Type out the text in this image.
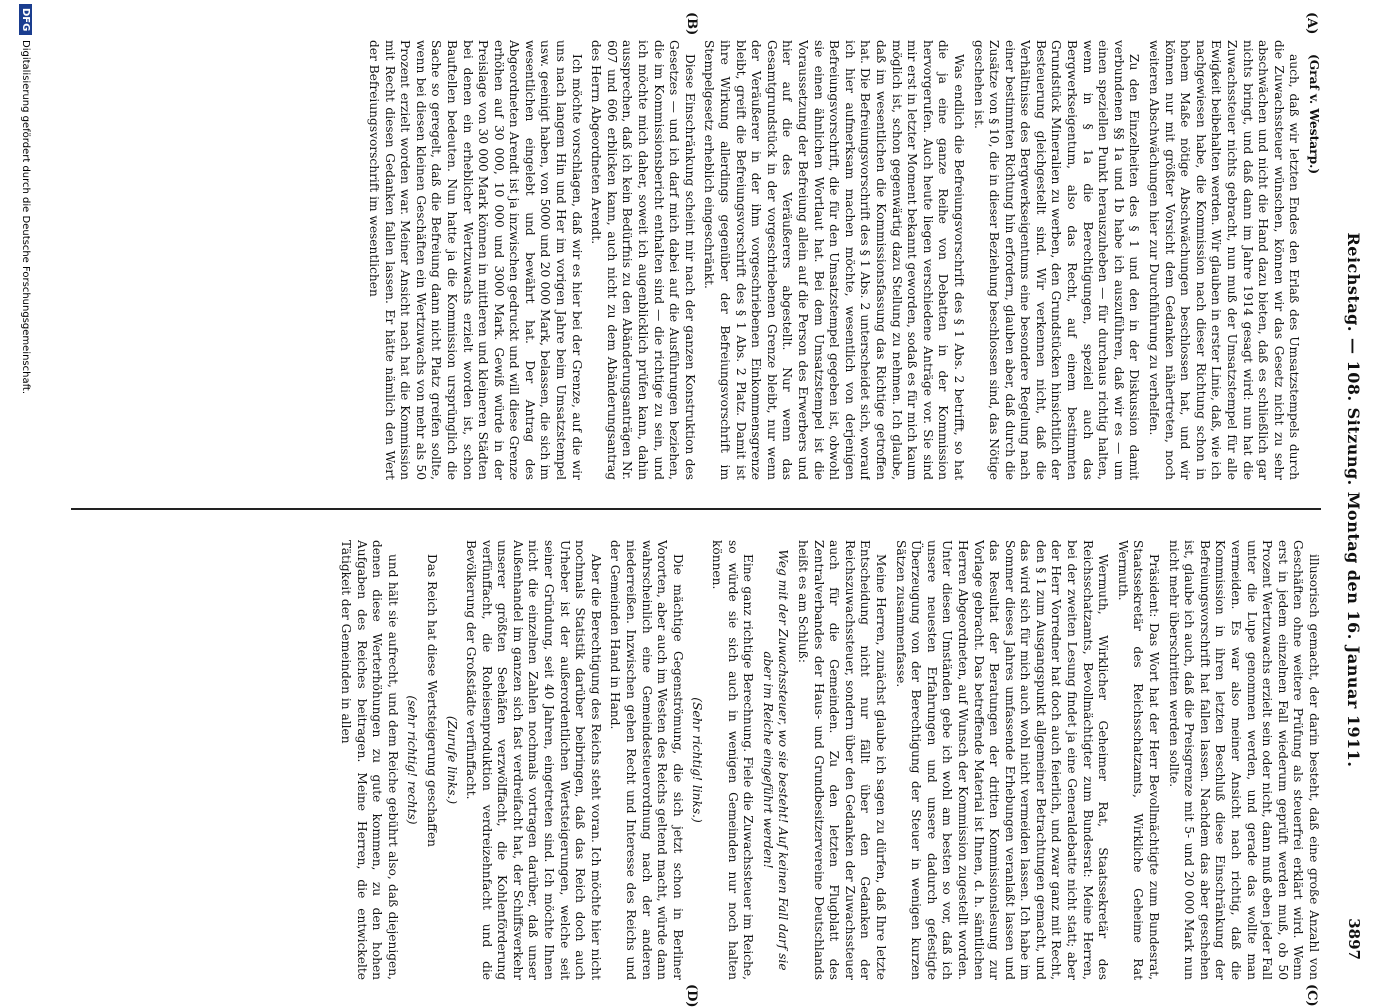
Reichstag. — 108. Sitzung. Montag den 16. Januar 1911.
3897
(A)
(B)
(C)
(D)

(Graf v. Westarp.)

auch, daß wir letzten Endes den Erlaß des Umsatzstempels durch die Zuwachssteuer wünschen, können wir das Gesetz nicht zu sehr abschwächen und nicht die Hand dazu bieten, daß es schließlich gar nichts bringt, und daß dann im Jahre 1914 gesagt wird: nun hat die Zuwachssteuer nichts gebracht, nun muß der Umsatzstempel für alle Ewigkeit beibehalten werden. Wir glauben in erster Linie, daß, wie ich nachgewiesen habe, die Kommission nach dieser Richtung schon in hohem Maße nötige Abschwächungen beschlossen hat, und wir können nur mit größter Vorsicht dem Gedanken nähertreten, noch weiteren Abschwächungen hier zur Durchführung zu verhelfen.

Zu den Einzelheiten des § 1 und den in der Diskussion damit verbundenen §§ 1a und 1b habe ich auszuführen, daß wir es — um einen speziellen Punkt herauszuheben — für durchaus richtig halten, wenn in § 1a die Berechtigungen, speziell auch das Bergwerkseigentum, also das Recht, auf einem bestimmten Grundstück Mineralien zu werben, den Grundstücken hinsichtlich der Besteuerung gleichgestellt sind. Wir verkennen nicht, daß die Verhältnisse des Bergwerkseigentums eine besondere Regelung nach einer bestimmten Richtung hin erfordern, glauben aber, daß durch die Zusätze von § 10, die in dieser Beziehung beschlossen sind, das Nötige geschehen ist.

Was endlich die Befreiungsvorschrift des § 1 Abs. 2 betrifft, so hat die ja eine ganze Reihe von Debatten in der Kommission hervorgerufen. Auch heute liegen verschiedene Anträge vor. Sie sind mir erst in letzter Moment bekannt geworden, sodaß es für mich kaum möglich ist, schon gegenwärtig dazu Stellung zu nehmen. Ich glaube, daß im wesentlichen die Kommissionsfassung das Richtige getroffen hat. Die Befreiungsvorschrift des § 1 Abs. 2 unterscheidet sich, worauf ich hier aufmerksam machen möchte, wesentlich von derjenigen Befreiungsvorschrift, die für den Umsatzstempel gegeben ist, obwohl sie einen ähnlichen Wortlaut hat. Bei dem Umsatzstempel ist die Voraussetzung der Befreiung allein auf die Person des Erwerbers und hier auf die des Veräußerers abgestellt. Nur wenn das Gesamtgrundstück in der vorgeschriebenen Grenze bleibt, nur wenn der Veräußerer in der ihm vorgeschriebenen Einkommensgrenze bleibt, greift die Befreiungsvorschrift des § 1 Abs. 2 Platz. Damit ist ihre Wirkung allerdings gegenüber der Befreiungsvorschrift im Stempelgesetz erheblich eingeschränkt.

Diese Einschränkung scheint mir nach der ganzen Konstruktion des Gesetzes — und ich darf mich dabei auf die Ausführungen beziehen, die im Kommissionsbericht enthalten sind — die richtige zu sein, und ich möchte mich daher, soweit ich augenblicklich prüfen kann, dahin aussprechen, daß ich kein Bedürfnis zu den Abänderungsanträgen Nr. 607 und 606 erblicken kann, auch nicht zu dem Abänderungsantrag des Herrn Abgeordneten Arendt.

Ich möchte vorschlagen, daß wir es hier bei der Grenze, auf die wir uns nach langem Hin und Her im vorigen Jahre beim Umsatzstempel usw. geeinigt haben, von 5000 und 20 000 Mark, belassen, die sich im wesentlichen eingelebt und bewährt hat. Der Antrag des Abgeordneten Arendt ist ja inzwischen gedruckt und will diese Grenze erhöhen auf 30 000, 10 000 und 3000 Mark. Gewiß würde in der Preislage von 30 000 Mark können in mittleren und kleineren Städten bei denen ein erheblicher Wertzuwachs erzielt worden ist, schon Bauftellen bedeuten. Nun hatte ja die Kommission ursprünglich die Sache so geregelt, daß die Befreiung dann nicht Platz greifen sollte, wenn bei diesen kleinen Geschäften ein Wertzuwachs von mehr als 50 Prozent erzielt worden war. Meiner Ansicht nach hat die Kommission mit Recht diesen Gedanken fallen lassen. Er hätte nämlich den Wert der Befreiungsvorschrift im wesentlichen

illusorisch gemacht, der darin besteht, daß eine große Anzahl von Geschäften ohne weitere Prüfung als steuerfrei erklärt wird. Wenn erst in jedem einzelnen Fall wiederum geprüft werden muß, ob 50 Prozent Wertzuwachs erzielt sein oder nicht, dann muß eben jeder Fall unter die Lupe genommen werden, und gerade das wollte man vermeiden. Es war also meiner Ansicht nach richtig, daß die Kommission in ihren letzten Beschluß diese Einschränkung der Befreiungsvorschrift hat fallen lassen. Nachdem das aber geschehen ist, glaube ich auch, daß die Preisgrenze mit 5- und 20 000 Mark nun nicht mehr überschritten werden sollte.

Präsident: Das Wort hat der Herr Bevollmächtigte zum Bundesrat, Staatssekretär des Reichsschatzamts, Wirkliche Geheime Rat Wermuth.

Wermuth, Wirklicher Geheimer Rat, Staatssekretär des Reichsschatzamts, Bevollmächtigter zum Bundesrat: Meine Herren, bei der zweiten Lesung findet ja eine Generaldebatte nicht statt; aber der Herr Vorredner hat doch auch feierlich, und zwar ganz mit Recht, den § 1 zum Ausgangspunkt allgemeiner Betrachtungen gemacht, und das wird sich für mich auch wohl nicht vermeiden lassen. Ich habe im Sommer dieses Jahres umfassende Erhebungen veranlaßt lassen und das Resultat der Beratungen der dritten Kommissionslesung zur Vorlage gebracht. Das betreffende Material ist Ihnen, d. h. sämtlichen Herren Abgeordneten, auf Wunsch der Kommission zugestellt worden. Unter diesen Umständen gebe ich wohl am besten so vor, daß ich unsere neuesten Erfahrungen und unsere dadurch gefestigte Überzeugung von der Berechtigung der Steuer in wenigen kurzen Sätzen zusammenfasse.

Meine Herren, zunächst glaube ich sagen zu dürfen, daß Ihre letzte Entscheidung nicht nur fällt über den Gedanken der Reichszuwachssteuer, sondern über den Gedanken der Zuwachssteuer auch für die Gemeinden. Zu den letzten Flugblatt des Zentralverbandes der Haus- und Grundbesitzervereine Deutschlands heißt es am Schluß:

Weg mit der Zuwachssteuer, wo sie besteht! Auf keinen Fall darf sie aber im Reiche eingeführt werden!

Eine ganz richtige Berechnung. Fiele die Zuwachssteuer im Reiche, so würde sie sich auch in wenigen Gemeinden nur noch halten können.

(Sehr richtig! links.)

Die mächtige Gegenströmung, die sich jetzt schon in Berliner Vororten, aber auch im Westen des Reichs geltend macht, würde dann wahrscheinlich eine Gemeindesteuerordnung nach der anderen niederreißen. Inzwischen gehen Recht und Interesse des Reichs und der Gemeinden Hand in Hand.

Aber die Berechtigung des Reichs steht voran. Ich möchte hier nicht nochmals Statistik darüber beibringen, daß das Reich doch auch Urheber ist der außerordentlichen Wertsteigerungen, welche seit seiner Gründung, seit 40 Jahren, eingetreten sind. Ich möchte Ihnen nicht die einzelnen Zahlen nochmals vortragen darüber, daß unser Außenhandel im ganzen sich fast verdreifacht hat, der Schiffsverkehr unserer größten Seehäfen verzwölffacht, die Kohlenförderung verfünffacht, die Roheisenproduktion verdreizehnfacht und die Bevölkerung der Großstädte verfünffacht.

(Zurufe links.)

Das Reich hat diese Wertsteigerung geschaffen

(sehr richtig! rechts)

und hält sie aufrecht, und dem Reiche gebührt also, daß diejenigen, denen diese Werterhöhungen zu gute kommen, zu den hohen Aufgaben des Reiches beitragen. Meine Herren, die entwickelte Tätigkeit der Gemeinden in allen

DFG
Digitalisierung gefördert durch die Deutsche Forschungsgemeinschaft.
